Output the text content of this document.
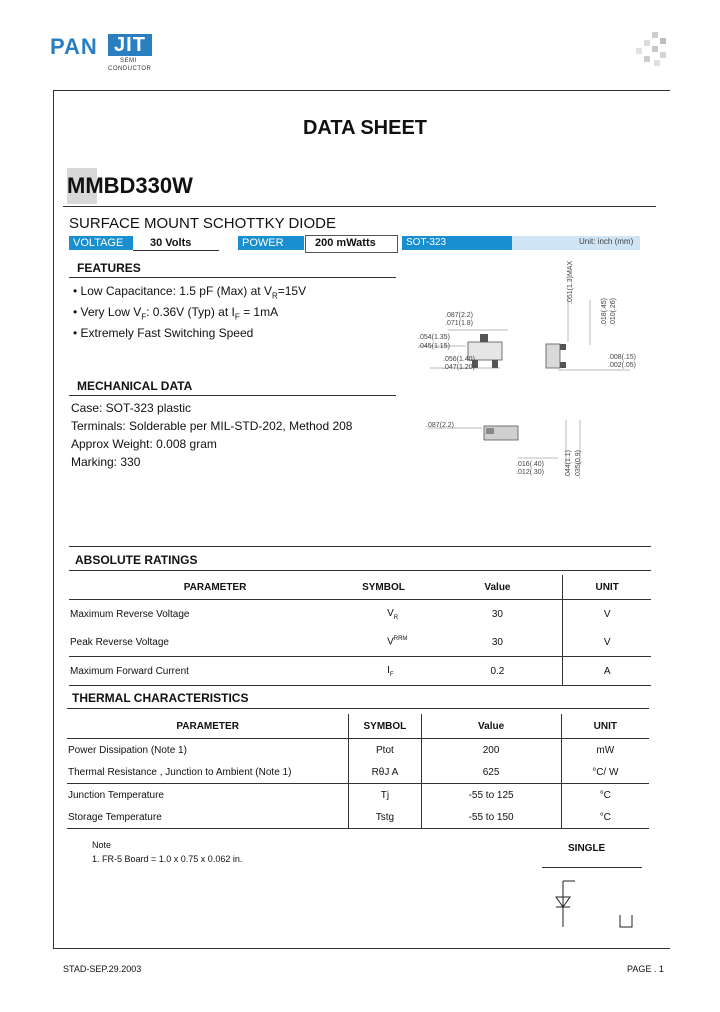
PAN JIT
SEMI
CONDUCTOR
DATA SHEET
MMBD330W
SURFACE MOUNT SCHOTTKY DIODE
VOLTAGE	30 Volts	POWER	200 mWatts	SOT-323	Unit: inch (mm)
FEATURES
• Low Capacitance: 1.5 pF (Max) at $V_R=15V$
• Very Low $V_F$: 0.36V (Typ) at $I_F = 1mA$
• Extremely Fast Switching Speed
MECHANICAL DATA
Case: SOT-323 plastic
Terminals: Solderable per MIL-STD-202, Method 208
Approx Weight: 0.008 gram
Marking: 330
.087(2.2)
.071(1.8)
.054(1.35)
.045(1.15)
.056(1.40)
.047(1.20)
.008(.15)
.002(.05)
.051(1.3)MAX
.018(.45) .010(.26)
.087(2.2)
.016(.40)
.012(.30)	.044(1.1) .035(0.9)
ABSOLUTE RATINGS
PARAMETER	SYMBOL	Value	UNIT
Maximum Reverse Voltage	$V_R$	30	V
Peak Reverse Voltage	$V^{RRM}$	30	V
Maximum Forward Current	$I_F$	0.2	A
THERMAL CHARACTERISTICS
PARAMETER	SYMBOL	Value	UNIT
Power Dissipation (Note 1)	Ptot	200	mW
Thermal Resistance , Junction to Ambient (Note 1)	RθJ A	625	°C/ W
Junction Temperature	Tj	-55 to 125	°C
Storage Temperature	Tstg	-55 to 150	°C
Note
1. FR-5 Board = 1.0 x 0.75 x 0.062 in.
SINGLE
STAD-SEP.29.2003	PAGE . 1
